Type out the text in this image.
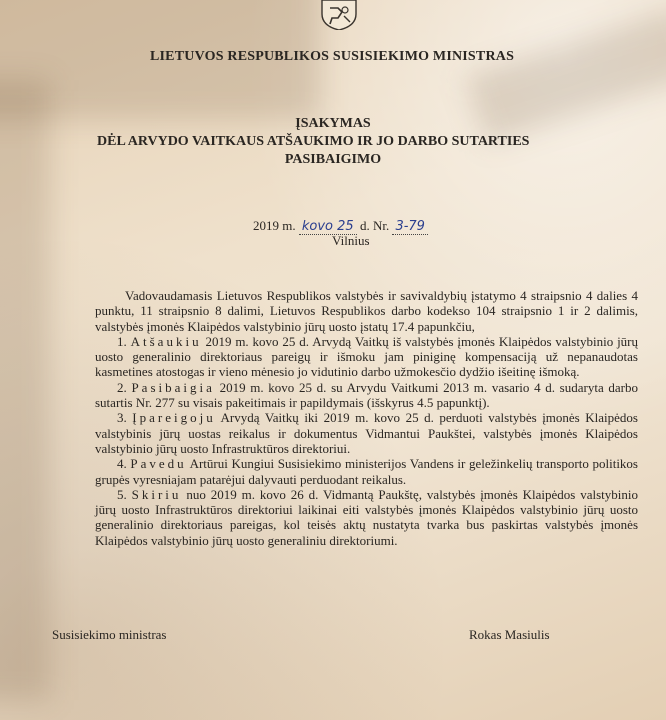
LIETUVOS RESPUBLIKOS SUSISIEKIMO MINISTRAS
ĮSAKYMAS
DĖL ARVYDO VAITKAUS ATŠAUKIMO IR JO DARBO SUTARTIES
PASIBAIGIMO
2019 m. kovo 25 d. Nr. 3-79
Vilnius

Vadovaudamasis Lietuvos Respublikos valstybės ir savivaldybių įstatymo 4 straipsnio 4 dalies 4 punktu, 11 straipsnio 8 dalimi, Lietuvos Respublikos darbo kodekso 104 straipsnio 1 ir 2 dalimis, valstybės įmonės Klaipėdos valstybinio jūrų uosto įstatų 17.4 papunkčiu,

1. Atšaukiu 2019 m. kovo 25 d. Arvydą Vaitkų iš valstybės įmonės Klaipėdos valstybinio jūrų uosto generalinio direktoriaus pareigų ir išmoku jam piniginę kompensaciją už nepanaudotas kasmetines atostogas ir vieno mėnesio jo vidutinio darbo užmokesčio dydžio išeitinę išmoką.

2. Pasibaigia 2019 m. kovo 25 d. su Arvydu Vaitkumi 2013 m. vasario 4 d. sudaryta darbo sutartis Nr. 277 su visais pakeitimais ir papildymais (išskyrus 4.5 papunktį).

3. Įpareigoju Arvydą Vaitkų iki 2019 m. kovo 25 d. perduoti valstybės įmonės Klaipėdos valstybinis jūrų uostas reikalus ir dokumentus Vidmantui Paukštei, valstybės įmonės Klaipėdos valstybinio jūrų uosto Infrastruktūros direktoriui.

4. Pavedu Artūrui Kungiui Susisiekimo ministerijos Vandens ir geležinkelių transporto politikos grupės vyresniajam patarėjui dalyvauti perduodant reikalus.

5. Skiriu nuo 2019 m. kovo 26 d. Vidmantą Paukštę, valstybės įmonės Klaipėdos valstybinio jūrų uosto Infrastruktūros direktoriui laikinai eiti valstybės įmonės Klaipėdos valstybinio jūrų uosto generalinio direktoriaus pareigas, kol teisės aktų nustatyta tvarka bus paskirtas valstybės įmonės Klaipėdos valstybinio jūrų uosto generaliniu direktoriumi.

Susisiekimo ministras	Rokas Masiulis
